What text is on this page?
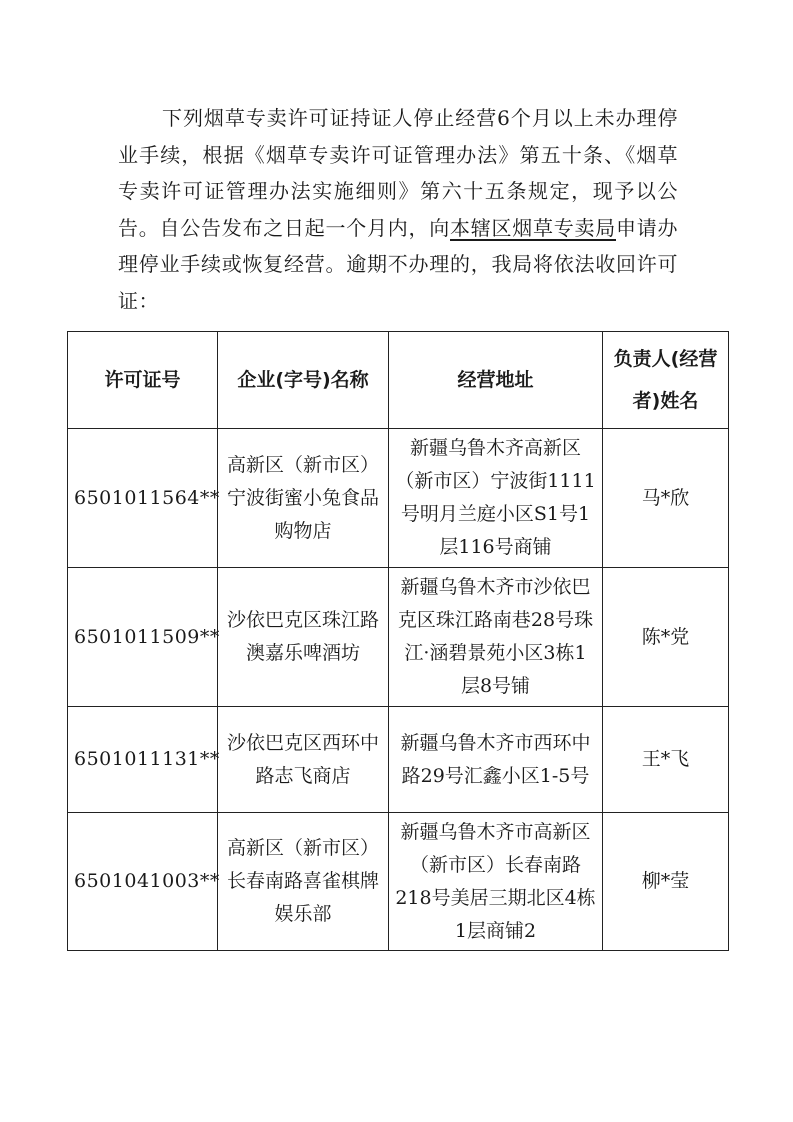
下列烟草专卖许可证持证人停止经营6个月以上未办理停业手续，根据《烟草专卖许可证管理办法》第五十条、《烟草专卖许可证管理办法实施细则》第六十五条规定，现予以公告。自公告发布之日起一个月内，向本辖区烟草专卖局申请办理停业手续或恢复经营。逾期不办理的，我局将依法收回许可证：

许可证号	企业(字号)名称	经营地址	负责人(经营者)姓名
6501011564**	高新区（新市区）宁波街蜜小兔食品购物店	新疆乌鲁木齐高新区（新市区）宁波街1111号明月兰庭小区S1号1层116号商铺	马*欣
6501011509**	沙依巴克区珠江路澳嘉乐啤酒坊	新疆乌鲁木齐市沙依巴克区珠江路南巷28号珠江·涵碧景苑小区3栋1层8号铺	陈*党
6501011131**	沙依巴克区西环中路志飞商店	新疆乌鲁木齐市西环中路29号汇鑫小区1-5号	王*飞
6501041003**	高新区（新市区）长春南路喜雀棋牌娱乐部	新疆乌鲁木齐市高新区（新市区）长春南路218号美居三期北区4栋1层商铺2	柳*莹
